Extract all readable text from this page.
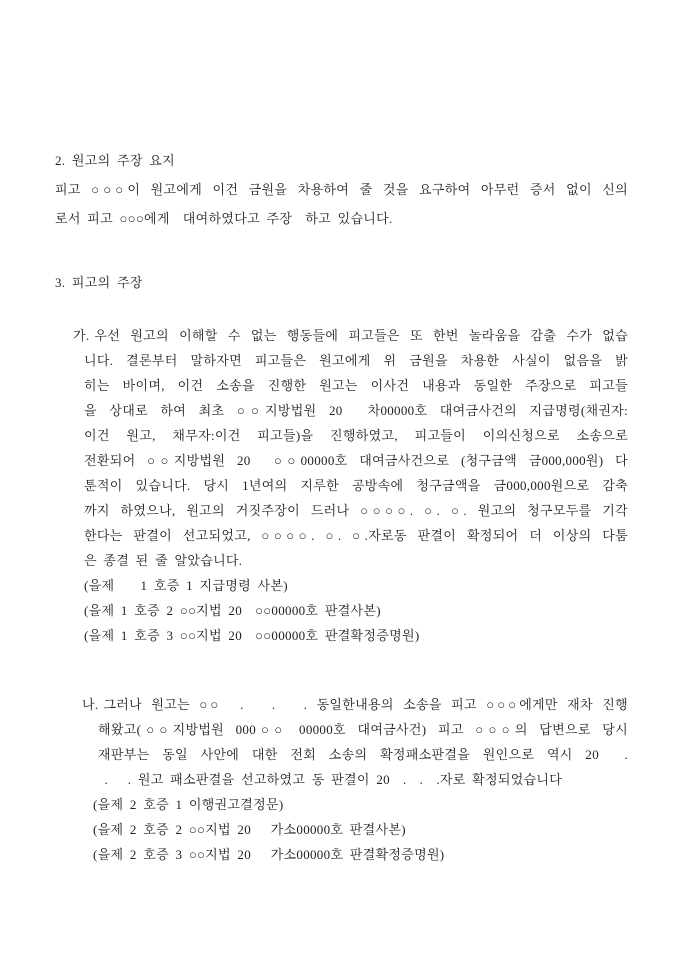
2. 원고의 주장 요지
피고 ○○○이 원고에게 이건 금원을 차용하여 줄 것을 요구하여 아무런 증서 없이 신의
로서 피고 ○○○에게  대여하였다고 주장  하고 있습니다.
3. 피고의 주장
가. 우선 원고의 이해할 수 없는 행동들에 피고들은 또 한번 놀라움을 감출 수가 없습
니다. 결론부터 말하자면 피고들은 원고에게 위 금원을 차용한 사실이 없음을 밝
히는 바이며, 이건 소송을 진행한 원고는 이사건 내용과 동일한 주장으로 피고들
을 상대로 하여 최초 ○○지방법원 20  차00000호 대여금사건의 지급명령(채권자:
이건 원고, 채무자:이건 피고들)을 진행하였고, 피고들이 이의신청으로 소송으로
전환되어 ○○지방법원 20  ○○00000호 대여금사건으로 (청구금액 금000,000원) 다
툰적이 있습니다. 당시 1년여의 지루한 공방속에 청구금액을 금000,000원으로 감축
까지 하였으나, 원고의 거짓주장이 드러나 ○○○○. ○. ○. 원고의 청구모두를 기각
한다는 판결이 선고되었고, ○○○○. ○. ○.자로동 판결이 확정되어 더 이상의 다툼
은 종결 된 줄 알았습니다.
(을제    1 호증 1 지급명령 사본)
(을제 1 호증 2 ○○지법 20  ○○00000호 판결사본)
(을제 1 호증 3 ○○지법 20  ○○00000호 판결확정증명원)
나. 그러나 원고는 ○○  .   .   . 동일한내용의 소송을 피고 ○○○에게만 재차 진행
해왔고(○○지방법원 000○○ 00000호 대여금사건) 피고 ○○○의 답변으로 당시
재판부는 동일 사안에 대한 전회 소송의 확정패소판결을 원인으로 역시 20  .
.   . 원고 패소판결을 선고하였고 동 판결이 20  .  .  .자로 확정되었습니다
(을제 2 호증 1 이행권고결정문)
(을제 2 호증 2 ○○지법 20   가소00000호 판결사본)
(을제 2 호증 3 ○○지법 20   가소00000호 판결확정증명원)
